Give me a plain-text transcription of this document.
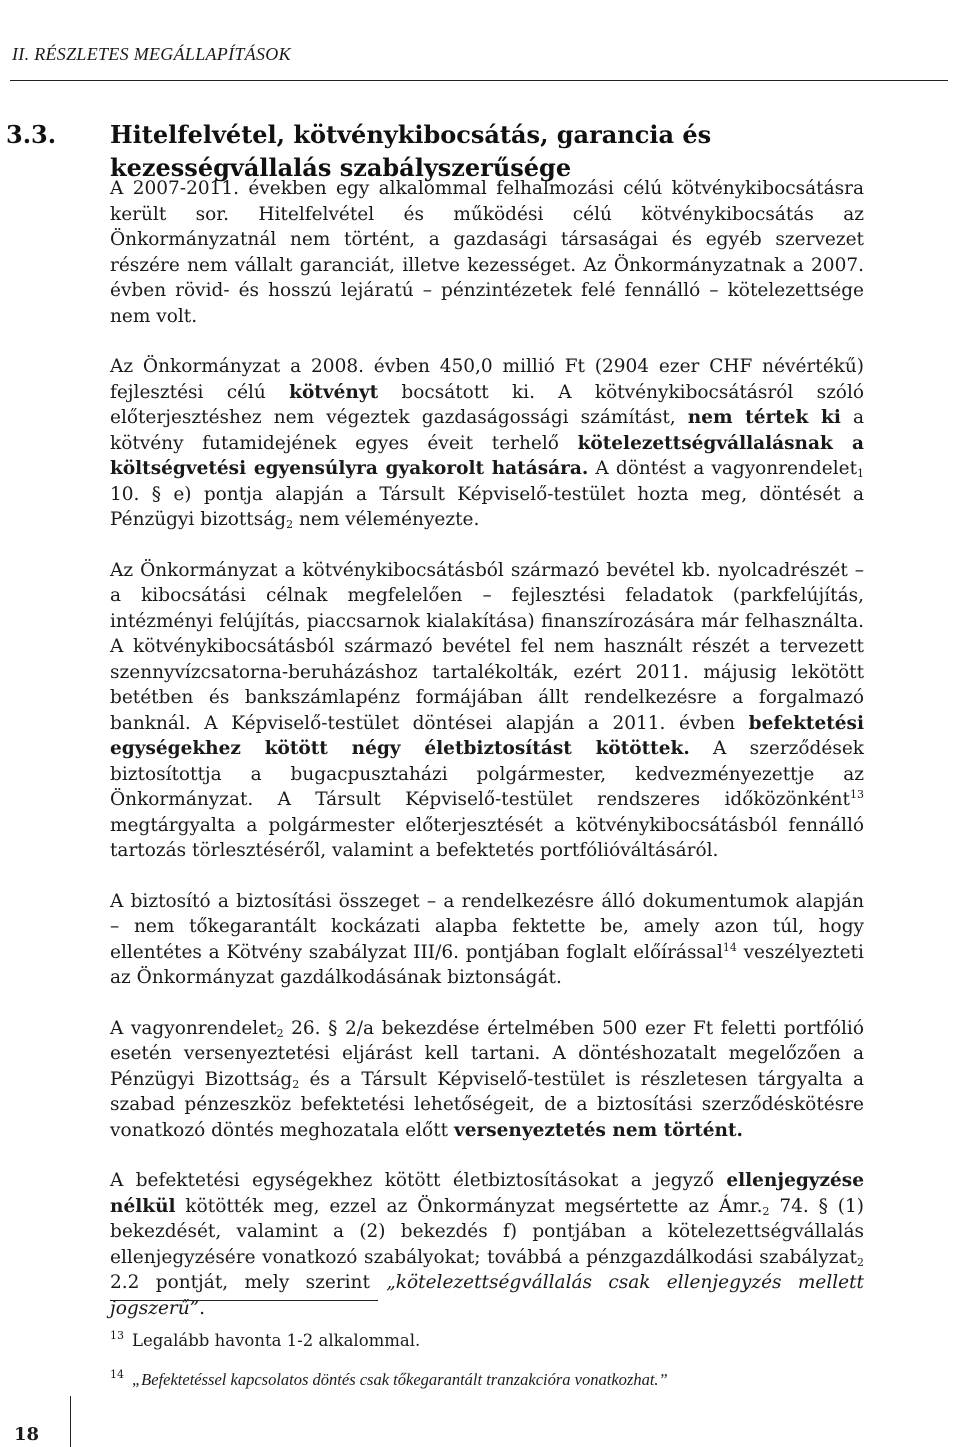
II. RÉSZLETES MEGÁLLAPÍTÁSOK
3.3. Hitelfelvétel, kötvénykibocsátás, garancia és kezességvállalás szabályszerűsége

A 2007-2011. években egy alkalommal felhalmozási célú kötvénykibocsátásra került sor. Hitelfelvétel és működési célú kötvénykibocsátás az Önkormányzatnál nem történt, a gazdasági társaságai és egyéb szervezet részére nem vállalt garanciát, illetve kezességet. Az Önkormányzatnak a 2007. évben rövid- és hosszú lejáratú – pénzintézetek felé fennálló – kötelezettsége nem volt.

Az Önkormányzat a 2008. évben 450,0 millió Ft (2904 ezer CHF névértékű) fejlesztési célú kötvényt bocsátott ki. A kötvénykibocsátásról szóló előterjesztéshez nem végeztek gazdaságossági számítást, nem tértek ki a kötvény futamidejének egyes éveit terhelő kötelezettségvállalásnak a költségvetési egyensúlyra gyakorolt hatására. A döntést a vagyonrendelet$_1$ 10. § e) pontja alapján a Társult Képviselő-testület hozta meg, döntését a Pénzügyi bizottság$_2$ nem véleményezte.

Az Önkormányzat a kötvénykibocsátásból származó bevétel kb. nyolcadrészét – a kibocsátási célnak megfelelően – fejlesztési feladatok (parkfelújítás, intézményi felújítás, piaccsarnok kialakítása) finanszírozására már felhasználta. A kötvénykibocsátásból származó bevétel fel nem használt részét a tervezett szennyvízcsatorna-beruházáshoz tartalékolták, ezért 2011. májusig lekötött betétben és bankszámlapénz formájában állt rendelkezésre a forgalmazó banknál. A Képviselő-testület döntései alapján a 2011. évben befektetési egységekhez kötött négy életbiztosítást kötöttek. A szerződések biztosítottja a bugacpusztaházi polgármester, kedvezményezettje az Önkormányzat. A Társult Képviselő-testület rendszeres időközönként$^{13}$ megtárgyalta a polgármester előterjesztését a kötvénykibocsátásból fennálló tartozás törlesztéséről, valamint a befektetés portfólióváltásáról.

A biztosító a biztosítási összeget – a rendelkezésre álló dokumentumok alapján – nem tőkegarantált kockázati alapba fektette be, amely azon túl, hogy ellentétes a Kötvény szabályzat III/6. pontjában foglalt előírással$^{14}$ veszélyezteti az Önkormányzat gazdálkodásának biztonságát.

A vagyonrendelet$_2$ 26. § 2/a bekezdése értelmében 500 ezer Ft feletti portfólió esetén versenyeztetési eljárást kell tartani. A döntéshozatalt megelőzően a Pénzügyi Bizottság$_2$ és a Társult Képviselő-testület is részletesen tárgyalta a szabad pénzeszköz befektetési lehetőségeit, de a biztosítási szerződéskötésre vonatkozó döntés meghozatala előtt versenyeztetés nem történt.

A befektetési egységekhez kötött életbiztosításokat a jegyző ellenjegyzése nélkül kötötték meg, ezzel az Önkormányzat megsértette az $Ámr._2$ 74. § (1) bekezdését, valamint a (2) bekezdés f) pontjában a kötelezettségvállalás ellenjegyzésére vonatkozó szabályokat; továbbá a pénzgazdálkodási szabályzat$_2$ 2.2 pontját, mely szerint „kötelezettségvállalás csak ellenjegyzés mellett jogszerű”.

$^{13}$ Legalább havonta 1-2 alkalommal.
$^{14}$ „Befektetéssel kapcsolatos döntés csak tőkegarantált tranzakcióra vonatkozhat.”
18
